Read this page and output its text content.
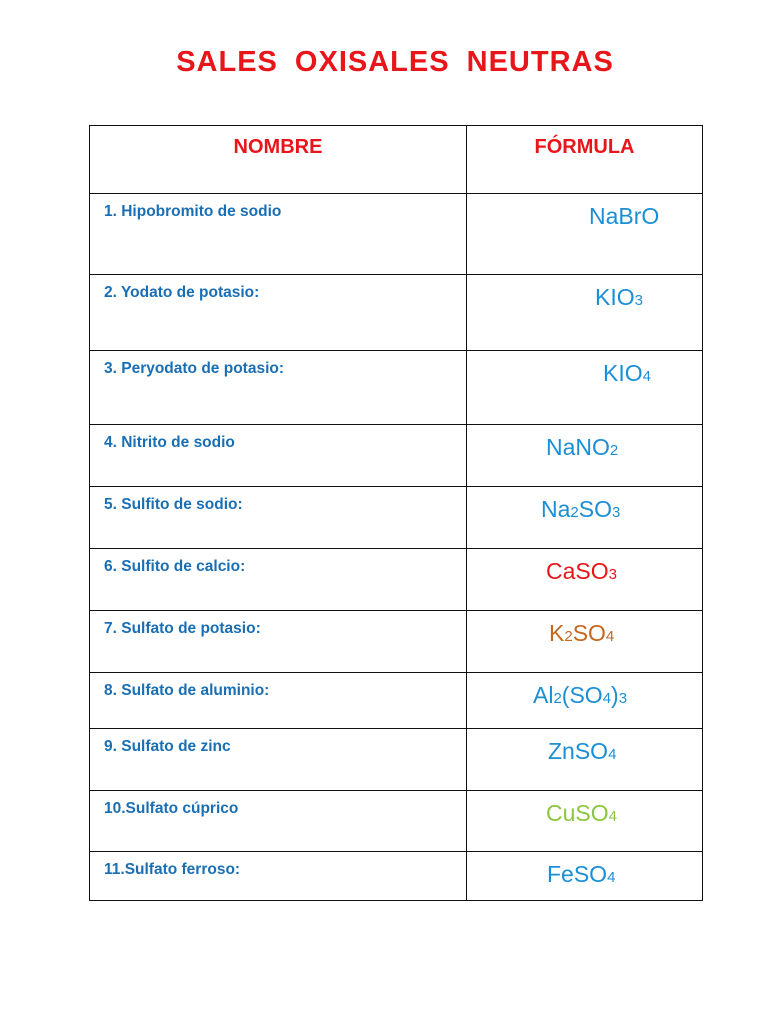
SALES OXISALES NEUTRAS
NOMBRE	FÓRMULA
1. Hipobromito de sodio	NaBrO

2. Yodato de potasio:	KIO3

3. Peryodato de potasio:	KIO4

4. Nitrito de sodio	NaNO2

5. Sulfito de sodio:	Na2SO3

6. Sulfito de calcio:	CaSO3

7. Sulfato de potasio:	K2SO4

8. Sulfato de aluminio:	Al2(SO4)3

9. Sulfato de zinc	ZnSO4

10.Sulfato cúprico	CuSO4

11.Sulfato ferroso:	FeSO4
